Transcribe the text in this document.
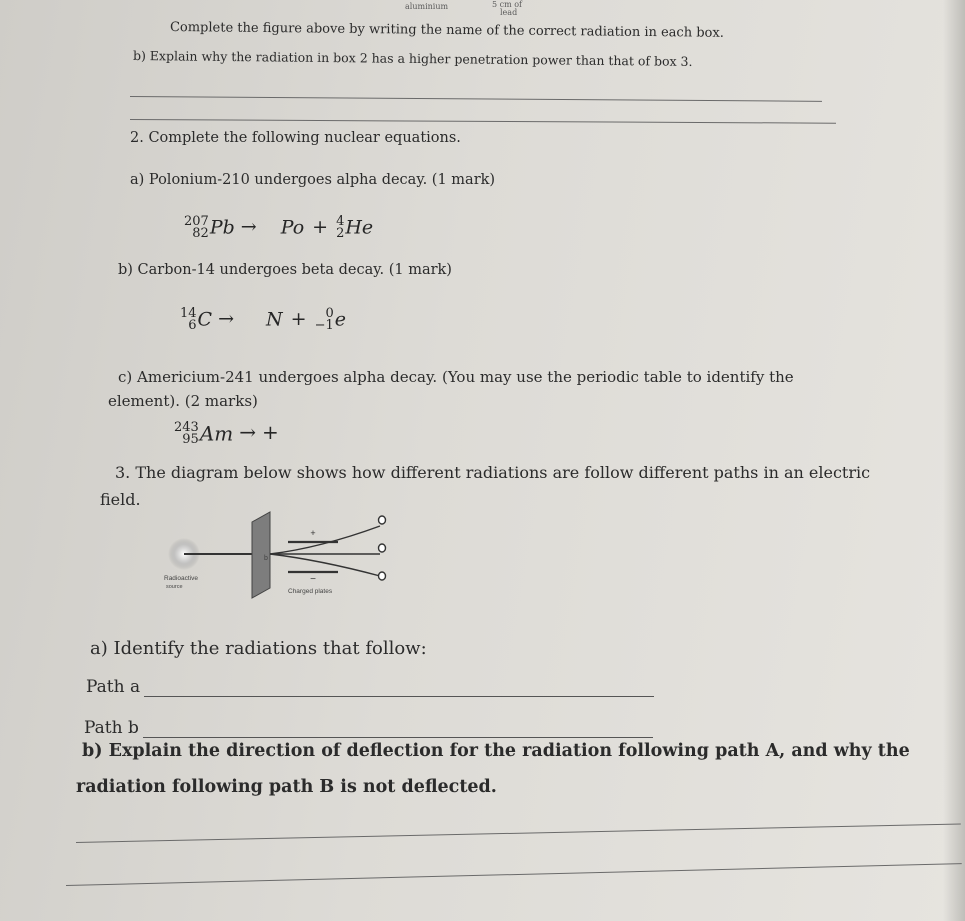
aluminium	5 cm of
lead
Complete the figure above by writing the name of the correct radiation in each box.
b) Explain why the radiation in box 2 has a higher penetration power than that of box 3.
2. Complete the following nuclear equations.
a) Polonium-210 undergoes alpha decay. (1 mark)
207
82 Pb → Po + 4
2 He
b) Carbon-14 undergoes beta decay. (1 mark)
14
6 C → N +	0
−1 e
c) Americium-241 undergoes alpha decay. (You may use the periodic table to identify the
element). (2 marks)
243
95 Am → +
3. The diagram below shows how different radiations are follow different paths in an electric
field.
+
−
b
Radioactive
source
Charged plates
a) Identify the radiations that follow:
Path a
Path b
b) Explain the direction of deflection for the radiation following path A, and why the
radiation following path B is not deflected.
